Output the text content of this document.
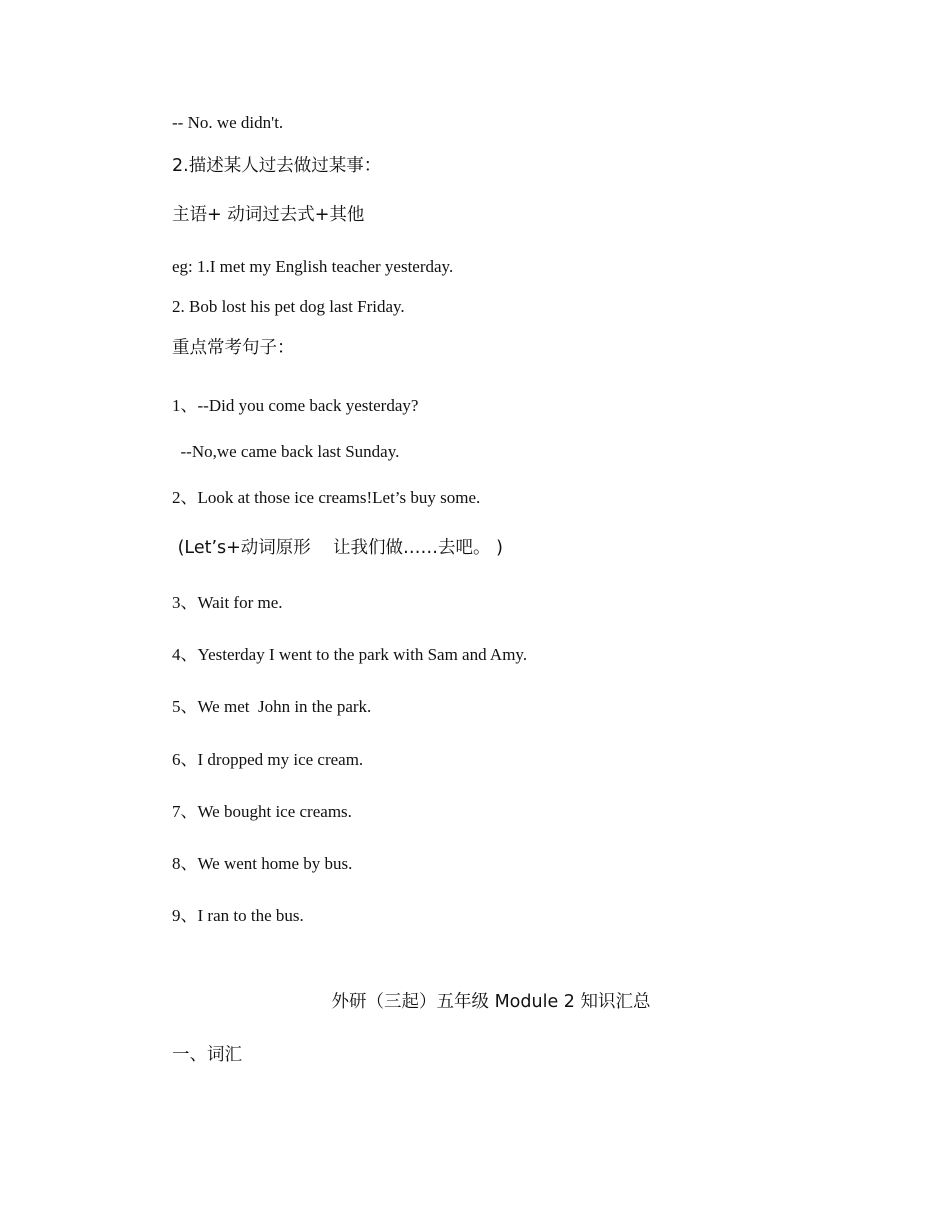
-- No. we didn't.
2.描述某人过去做过某事：
主语+ 动词过去式+其他
eg: 1.I met my English teacher yesterday.
2. Bob lost his pet dog last Friday.
重点常考句子：
1、--Did you come back yesterday?
--No,we came back last Sunday.
2、Look at those ice creams!Let’s buy some.
(Let’s+动词原形    让我们做……去吧。 )
3、Wait for me.
4、Yesterday I went to the park with Sam and Amy.
5、We met  John in the park.
6、I dropped my ice cream.
7、We bought ice creams.
8、We went home by bus.
9、I ran to the bus.
外研（三起）五年级 Module 2 知识汇总
一、词汇
